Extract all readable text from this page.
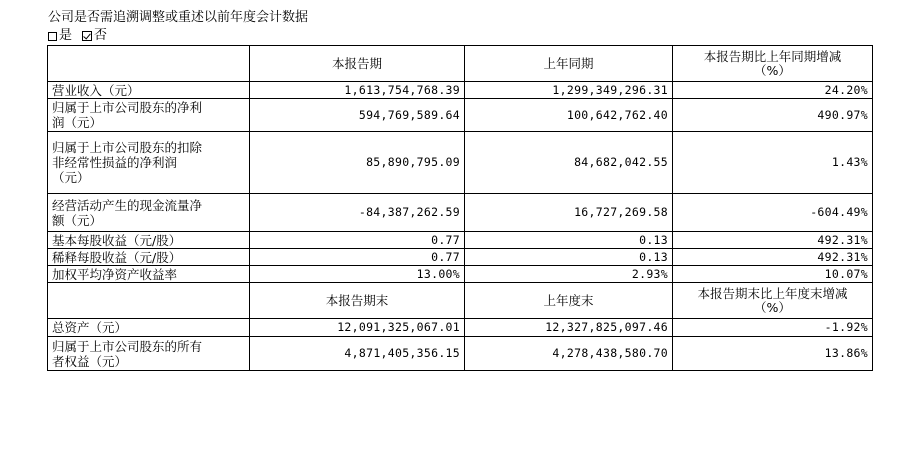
公司是否需追溯调整或重述以前年度会计数据
是 否
	本报告期	上年同期	本报告期比上年同期增减
（%）

营业收入（元）	1,613,754,768.39	1,299,349,296.31	24.20%

归属于上市公司股东的净利
润（元）	594,769,589.64	100,642,762.40	490.97%

归属于上市公司股东的扣除
非经常性损益的净利润
（元）	85,890,795.09	84,682,042.55	1.43%

经营活动产生的现金流量净
额（元）	-84,387,262.59	16,727,269.58	-604.49%
基本每股收益（元/股）	0.77	0.13	492.31%
稀释每股收益（元/股）	0.77	0.13	492.31%
加权平均净资产收益率	13.00%	2.93%	10.07%
	本报告期末	上年度末	本报告期末比上年度末增减
（%）

总资产（元）	12,091,325,067.01	12,327,825,097.46	-1.92%

归属于上市公司股东的所有
者权益（元）	4,871,405,356.15	4,278,438,580.70	13.86%
